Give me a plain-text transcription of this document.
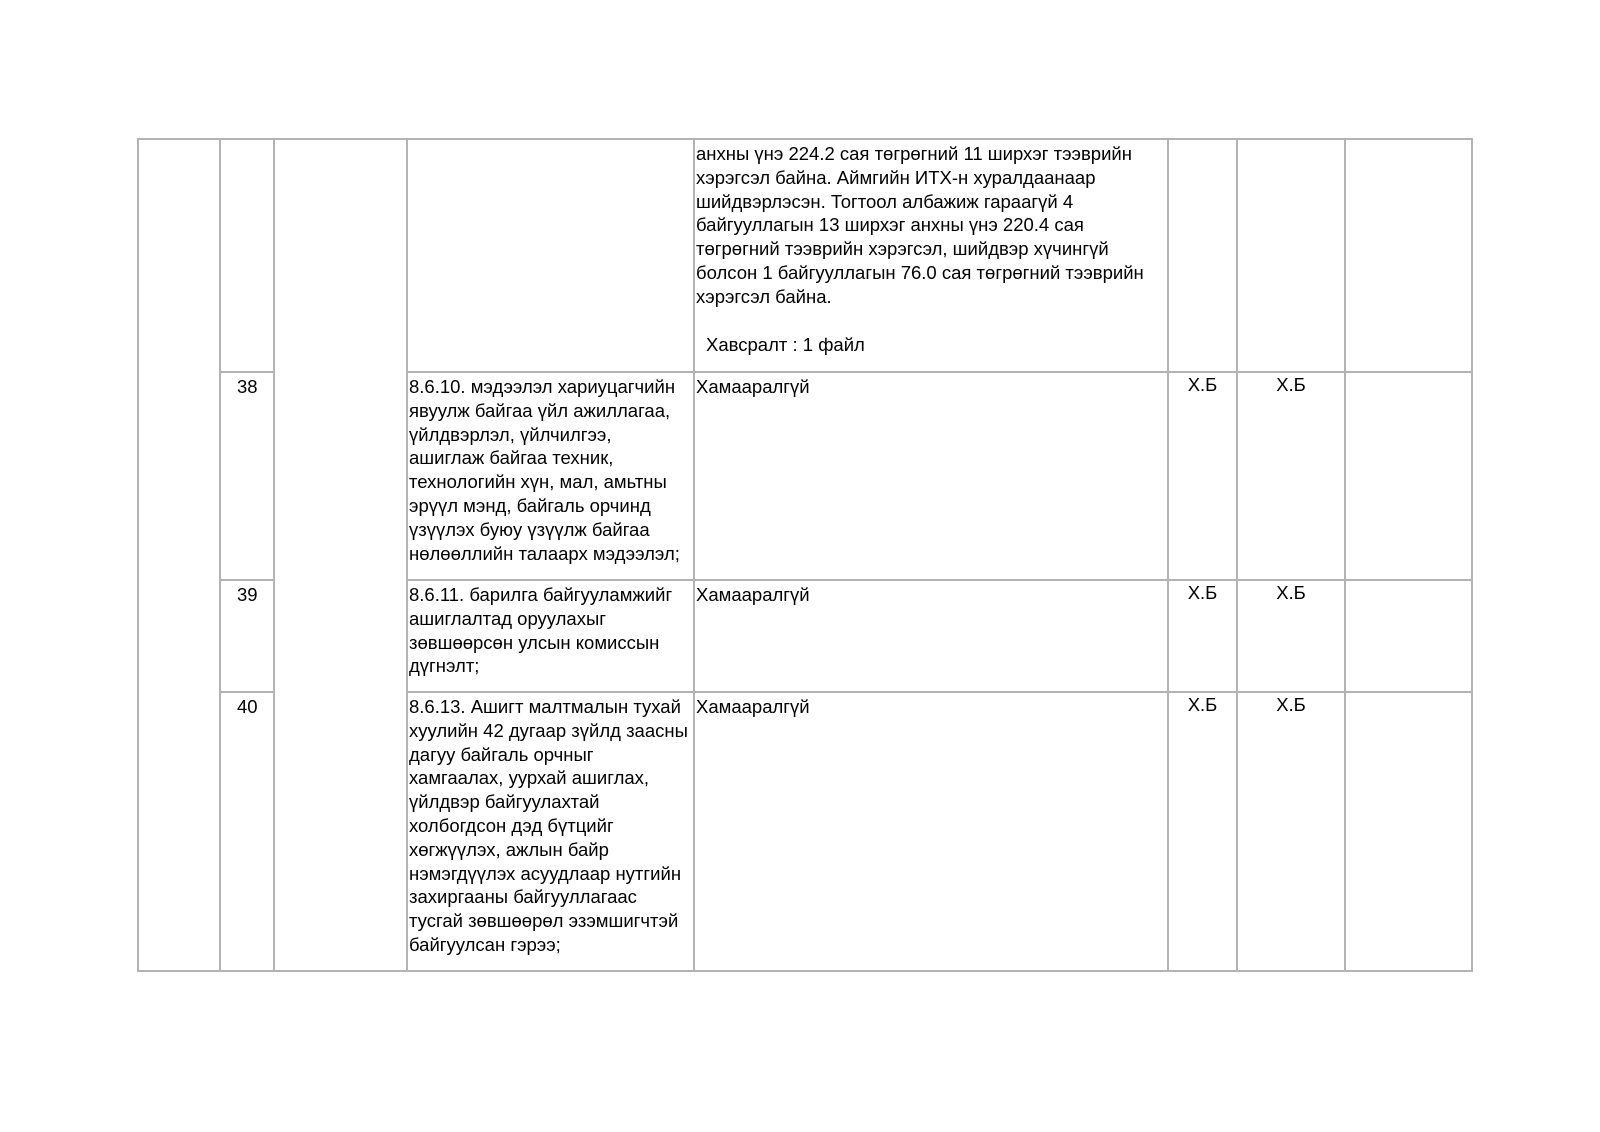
				анхны үнэ 224.2 сая төгрөгний 11 ширхэг тээврийн хэрэгсэл байна. Аймгийн ИТХ-н хуралдаанаар шийдвэрлэсэн. Тогтоол албажиж гараагүй 4 байгууллагын 13 ширхэг анхны үнэ 220.4 сая төгрөгний тээврийн хэрэгсэл, шийдвэр хүчингүй болсон 1 байгууллагын 76.0 сая төгрөгний тээврийн хэрэгсэл байна.
Хавсралт : 1 файл			

	38		8.6.10. мэдээлэл хариуцагчийн явуулж байгаа үйл ажиллагаа, үйлдвэрлэл, үйлчилгээ, ашиглаж байгаа техник, технологийн хүн, мал, амьтны эрүүл мэнд, байгаль орчинд үзүүлэх буюу үзүүлж байгаа нөлөөллийн талаарх мэдээлэл;	Хамааралгүй	Х.Б	Х.Б	

	39		8.6.11. барилга байгууламжийг ашиглалтад оруулахыг зөвшөөрсөн улсын комиссын дүгнэлт;	Хамааралгүй	Х.Б	Х.Б	

	40		8.6.13. Ашигт малтмалын тухай хуулийн 42 дугаар зүйлд заасны дагуу байгаль орчныг хамгаалах, уурхай ашиглах, үйлдвэр байгуулахтай холбогдсон дэд бүтцийг хөгжүүлэх, ажлын байр нэмэгдүүлэх асуудлаар нутгийн захиргааны байгууллагаас тусгай зөвшөөрөл эзэмшигчтэй байгуулсан гэрээ;	Хамааралгүй	Х.Б	Х.Б	
